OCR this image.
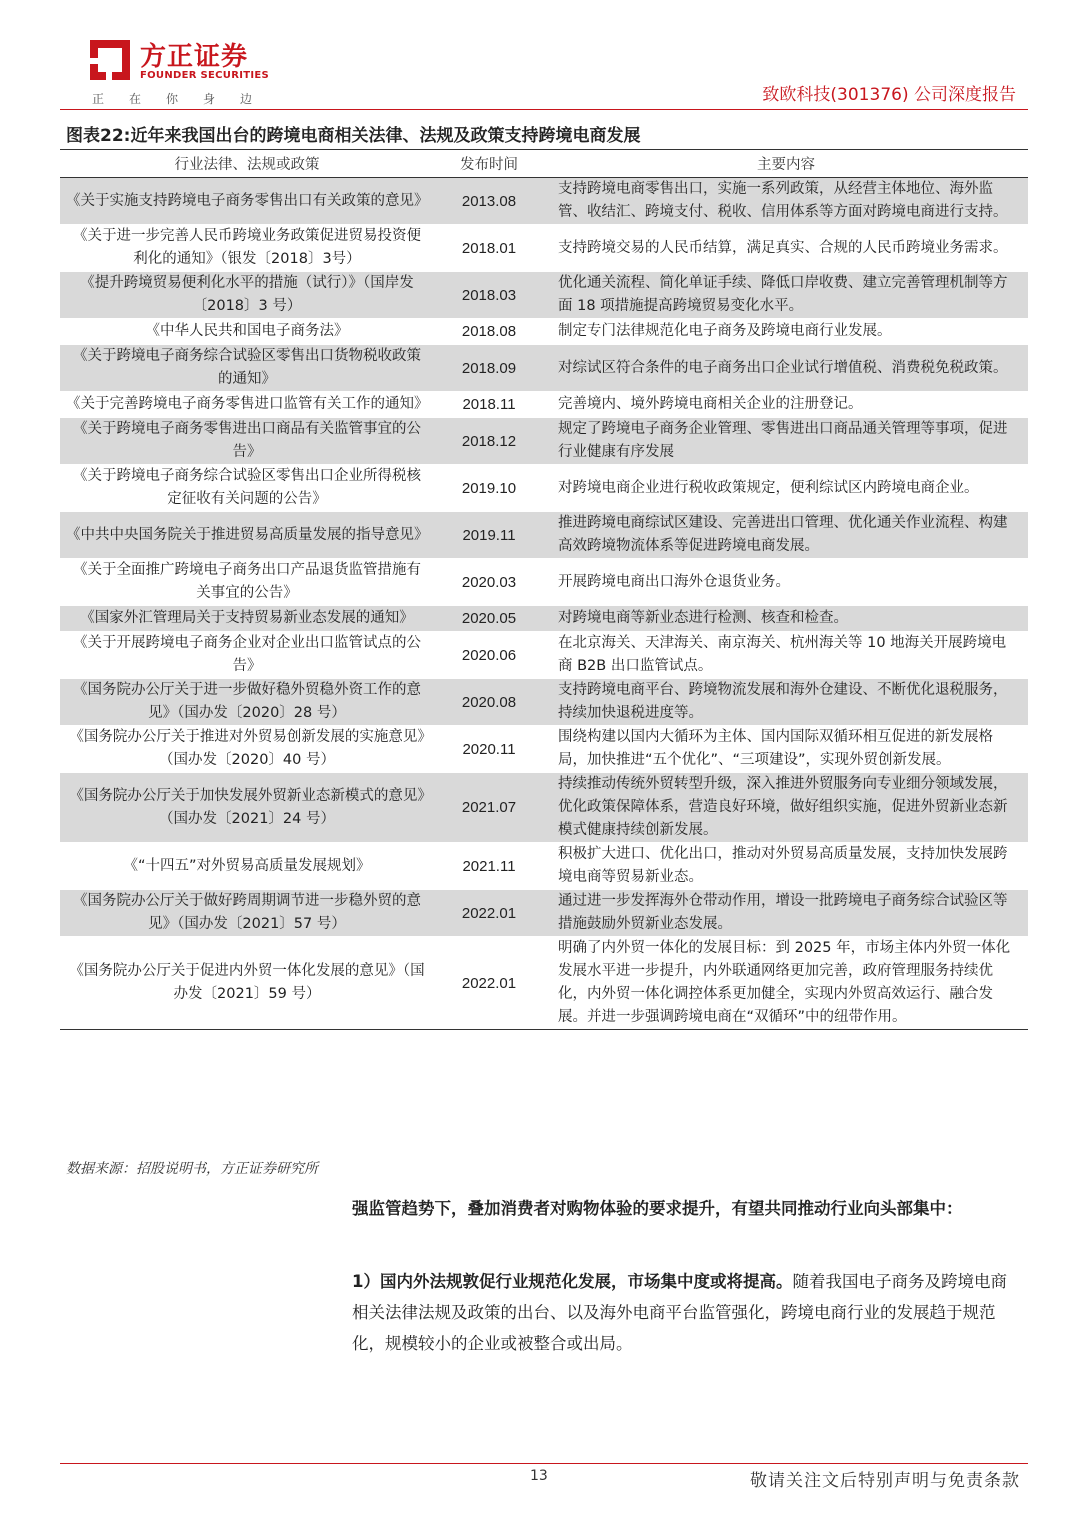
方正证券
FOUNDER SECURITIES
正在你身边	致欧科技(301376) 公司深度报告
图表22:近年来我国出台的跨境电商相关法律、法规及政策支持跨境电商发展
行业法律、法规或政策	发布时间	主要内容
《关于实施支持跨境电子商务零售出口有关政策的意见》	2013.08	支持跨境电商零售出口，实施一系列政策，从经营主体地位、海外监管、收结汇、跨境支付、税收、信用体系等方面对跨境电商进行支持。
《关于进一步完善人民币跨境业务政策促进贸易投资便利化的通知》（银发〔2018〕3号）	2018.01	支持跨境交易的人民币结算，满足真实、合规的人民币跨境业务需求。
《提升跨境贸易便利化水平的措施（试行）》（国岸发〔2018〕3 号）	2018.03	优化通关流程、简化单证手续、降低口岸收费、建立完善管理机制等方面 18 项措施提高跨境贸易变化水平。
《中华人民共和国电子商务法》	2018.08	制定专门法律规范化电子商务及跨境电商行业发展。
《关于跨境电子商务综合试验区零售出口货物税收政策的通知》	2018.09	对综试区符合条件的电子商务出口企业试行增值税、消费税免税政策。
《关于完善跨境电子商务零售进口监管有关工作的通知》	2018.11	完善境内、境外跨境电商相关企业的注册登记。
《关于跨境电子商务零售进出口商品有关监管事宜的公告》	2018.12	规定了跨境电子商务企业管理、零售进出口商品通关管理等事项，促进行业健康有序发展
《关于跨境电子商务综合试验区零售出口企业所得税核定征收有关问题的公告》	2019.10	对跨境电商企业进行税收政策规定，便利综试区内跨境电商企业。
《中共中央国务院关于推进贸易高质量发展的指导意见》	2019.11	推进跨境电商综试区建设、完善进出口管理、优化通关作业流程、构建高效跨境物流体系等促进跨境电商发展。
《关于全面推广跨境电子商务出口产品退货监管措施有关事宜的公告》	2020.03	开展跨境电商出口海外仓退货业务。
《国家外汇管理局关于支持贸易新业态发展的通知》	2020.05	对跨境电商等新业态进行检测、核查和检查。
《关于开展跨境电子商务企业对企业出口监管试点的公告》	2020.06	在北京海关、天津海关、南京海关、杭州海关等 10 地海关开展跨境电商 B2B 出口监管试点。
《国务院办公厅关于进一步做好稳外贸稳外资工作的意见》（国办发〔2020〕28 号）	2020.08	支持跨境电商平台、跨境物流发展和海外仓建设、不断优化退税服务，持续加快退税进度等。
《国务院办公厅关于推进对外贸易创新发展的实施意见》（国办发〔2020〕40 号）	2020.11	围绕构建以国内大循环为主体、国内国际双循环相互促进的新发展格局，加快推进“五个优化”、“三项建设”，实现外贸创新发展。
《国务院办公厅关于加快发展外贸新业态新模式的意见》（国办发〔2021〕24 号）	2021.07	持续推动传统外贸转型升级，深入推进外贸服务向专业细分领域发展，优化政策保障体系，营造良好环境，做好组织实施，促进外贸新业态新模式健康持续创新发展。
《“十四五”对外贸易高质量发展规划》	2021.11	积极扩大进口、优化出口，推动对外贸易高质量发展，支持加快发展跨境电商等贸易新业态。
《国务院办公厅关于做好跨周期调节进一步稳外贸的意见》（国办发〔2021〕57 号）	2022.01	通过进一步发挥海外仓带动作用，增设一批跨境电子商务综合试验区等措施鼓励外贸新业态发展。
《国务院办公厅关于促进内外贸一体化发展的意见》（国办发〔2021〕59 号）	2022.01	明确了内外贸一体化的发展目标：到 2025 年，市场主体内外贸一体化发展水平进一步提升，内外联通网络更加完善，政府管理服务持续优化，内外贸一体化调控体系更加健全，实现内外贸高效运行、融合发展。并进一步强调跨境电商在“双循环”中的纽带作用。
数据来源：招股说明书，方正证券研究所
强监管趋势下，叠加消费者对购物体验的要求提升，有望共同推动行业向头部集中：
1）国内外法规敦促行业规范化发展，市场集中度或将提高。随着我国电子商务及跨境电商相关法律法规及政策的出台、以及海外电商平台监管强化，跨境电商行业的发展趋于规范化，规模较小的企业或被整合或出局。
13	敬请关注文后特别声明与免责条款
